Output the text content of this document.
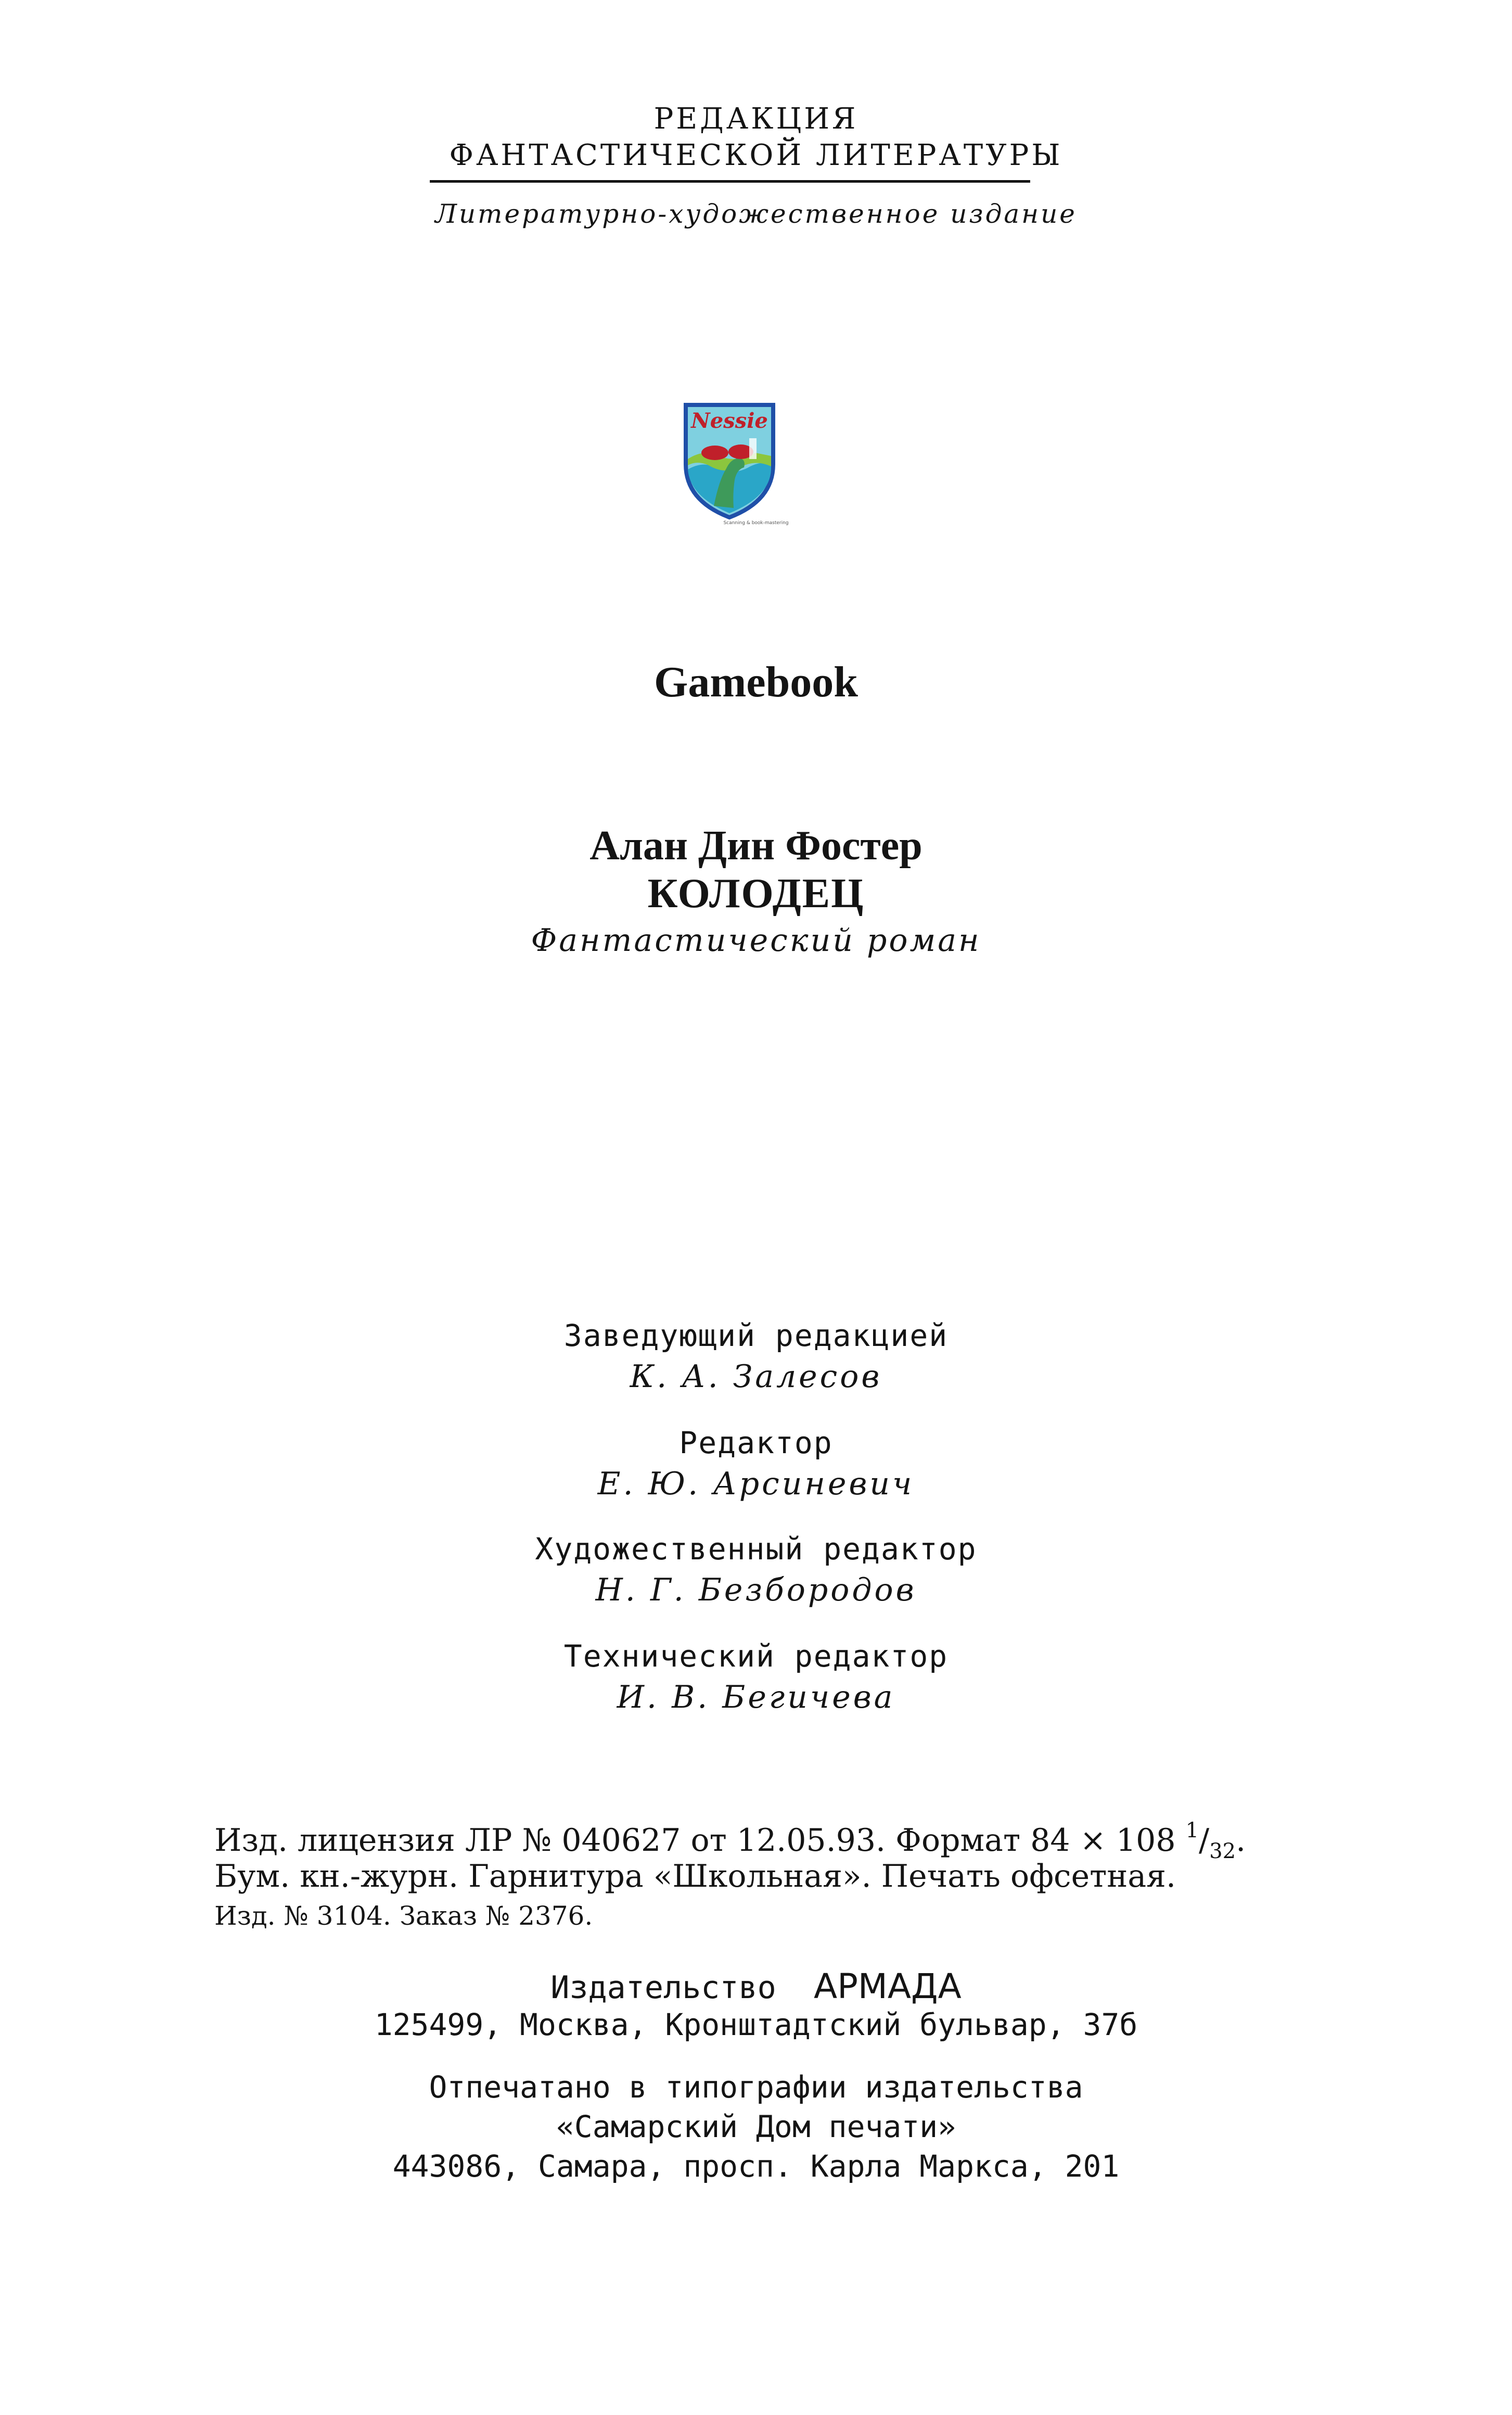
РЕДАКЦИЯ
ФАНТАСТИЧЕСКОЙ ЛИТЕРАТУРЫ
Литературно-художественное издание
Nessie
Scanning & book-mastering
Gamebook
Алан Дин Фостер
КОЛОДЕЦ
Фантастический роман
Заведующий редакцией
К. А. Залесов
Редактор
Е. Ю. Арсиневич
Художественный редактор
Н. Г. Безбородов
Технический редактор
И. В. Бегичева
Изд. лицензия ЛР № 040627 от 12.05.93. Формат 84 × 108 $^1/_{32}$.
Бум. кн.-журн. Гарнитура «Школьная». Печать офсетная.
Изд. № 3104. Заказ № 2376.
Издательство АРМАДА
125499, Москва, Кронштадтский бульвар, 37б
Отпечатано в типографии издательства
«Самарский Дом печати»
443086, Самара, просп. Карла Маркса, 201
